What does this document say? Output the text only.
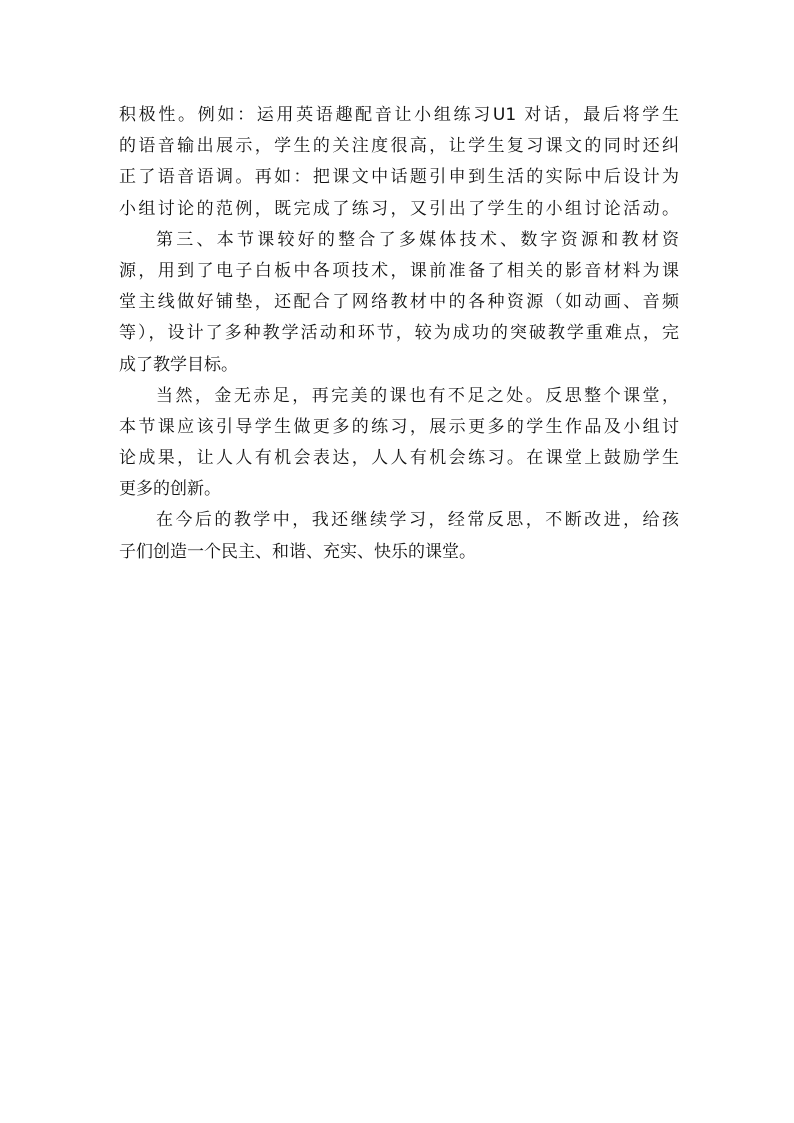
积极性。例如：运用英语趣配音让小组练习U1 对话，最后将学生
的语音输出展示，学生的关注度很高，让学生复习课文的同时还纠
正了语音语调。再如：把课文中话题引申到生活的实际中后设计为
小组讨论的范例，既完成了练习，又引出了学生的小组讨论活动。
第三、本节课较好的整合了多媒体技术、数字资源和教材资
源，用到了电子白板中各项技术，课前准备了相关的影音材料为课
堂主线做好铺垫，还配合了网络教材中的各种资源（如动画、音频
等），设计了多种教学活动和环节，较为成功的突破教学重难点，完
成了教学目标。
当然，金无赤足，再完美的课也有不足之处。反思整个课堂，
本节课应该引导学生做更多的练习，展示更多的学生作品及小组讨
论成果，让人人有机会表达，人人有机会练习。在课堂上鼓励学生
更多的创新。
在今后的教学中，我还继续学习，经常反思，不断改进，给孩
子们创造一个民主、和谐、充实、快乐的课堂。
